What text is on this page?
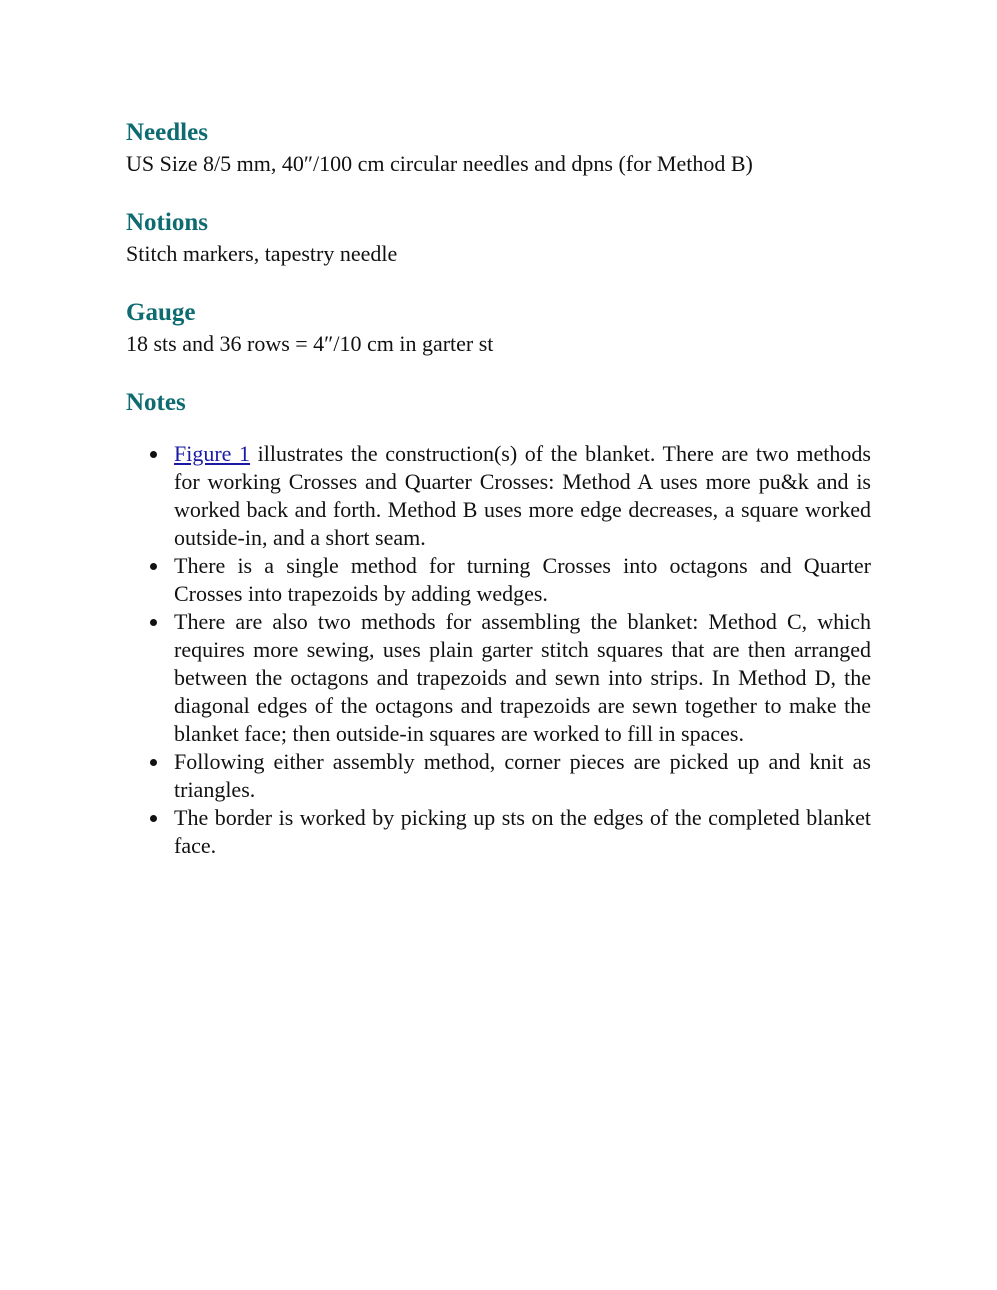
Needles

US Size 8/5 mm, 40″/100 cm circular needles and dpns (for Method B)

Notions

Stitch markers, tapestry needle

Gauge

18 sts and 36 rows = 4″/10 cm in garter st

Notes
Figure 1 illustrates the construction(s) of the blanket. There are two methods for working Crosses and Quarter Crosses: Method A uses more pu&k and is worked back and forth. Method B uses more edge decreases, a square worked outside-in, and a short seam.
There is a single method for turning Crosses into octagons and Quarter Crosses into trapezoids by adding wedges.
There are also two methods for assembling the blanket: Method C, which requires more sewing, uses plain garter stitch squares that are then arranged between the octagons and trapezoids and sewn into strips. In Method D, the diagonal edges of the octagons and trapezoids are sewn together to make the blanket face; then outside-in squares are worked to fill in spaces.
Following either assembly method, corner pieces are picked up and knit as triangles.
The border is worked by picking up sts on the edges of the completed blanket face.
